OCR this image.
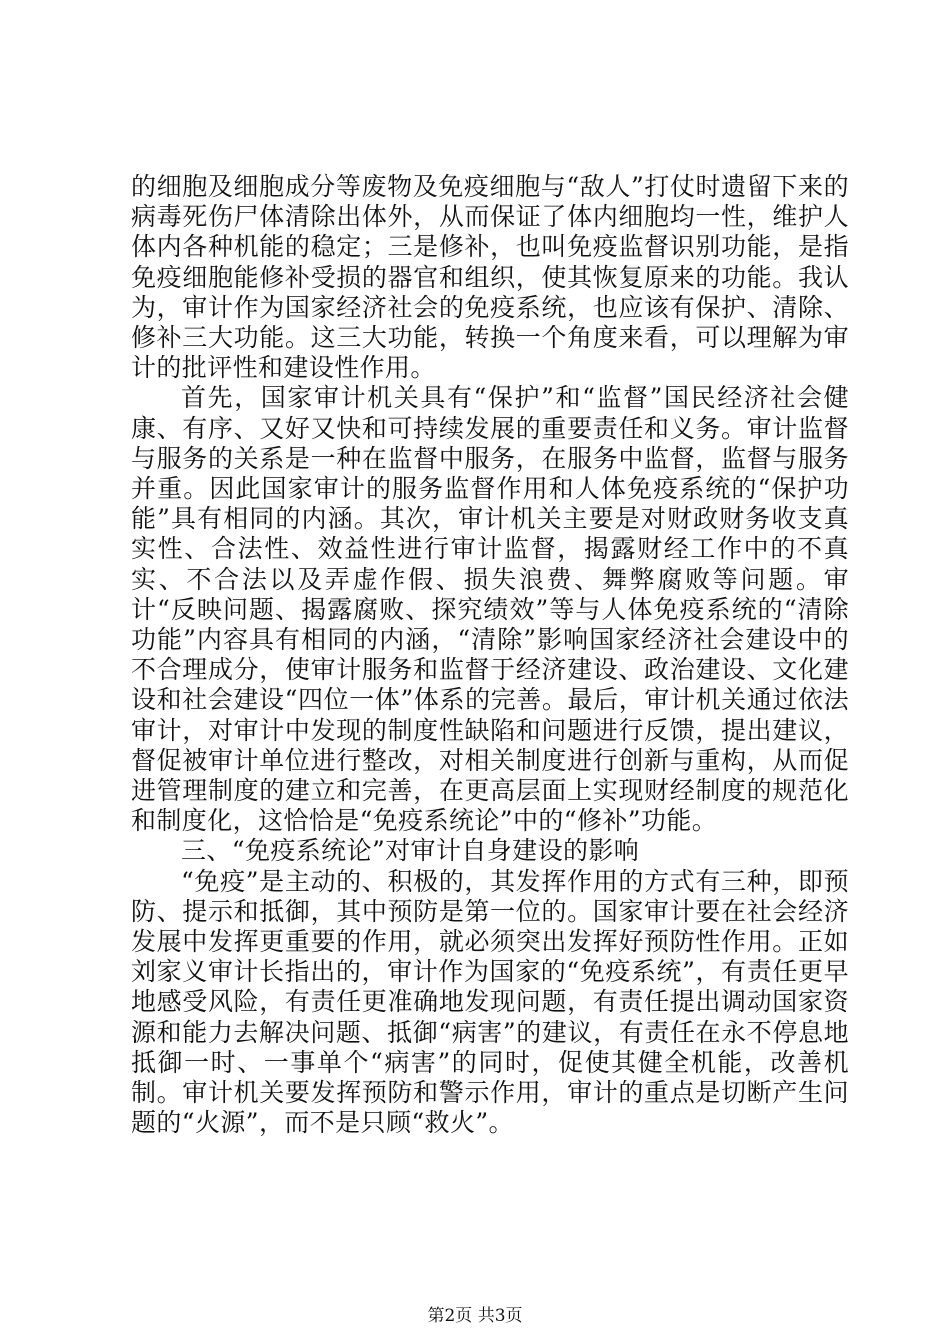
的细胞及细胞成分等废物及免疫细胞与“敌人”打仗时遗留下来的病毒死伤尸体清除出体外，从而保证了体内细胞均一性，维护人体内各种机能的稳定；三是修补，也叫免疫监督识别功能，是指免疫细胞能修补受损的器官和组织，使其恢复原来的功能。我认为，审计作为国家经济社会的免疫系统，也应该有保护、清除、修补三大功能。这三大功能，转换一个角度来看，可以理解为审计的批评性和建设性作用。

首先，国家审计机关具有“保护”和“监督”国民经济社会健康、有序、又好又快和可持续发展的重要责任和义务。审计监督与服务的关系是一种在监督中服务，在服务中监督，监督与服务并重。因此国家审计的服务监督作用和人体免疫系统的“保护功能”具有相同的内涵。其次，审计机关主要是对财政财务收支真实性、合法性、效益性进行审计监督，揭露财经工作中的不真实、不合法以及弄虚作假、损失浪费、舞弊腐败等问题。审计“反映问题、揭露腐败、探究绩效”等与人体免疫系统的“清除功能”内容具有相同的内涵，“清除”影响国家经济社会建设中的不合理成分，使审计服务和监督于经济建设、政治建设、文化建设和社会建设“四位一体”体系的完善。最后，审计机关通过依法审计，对审计中发现的制度性缺陷和问题进行反馈，提出建议，督促被审计单位进行整改，对相关制度进行创新与重构，从而促进管理制度的建立和完善，在更高层面上实现财经制度的规范化和制度化，这恰恰是“免疫系统论”中的“修补”功能。

三、“免疫系统论”对审计自身建设的影响

“免疫”是主动的、积极的，其发挥作用的方式有三种，即预防、提示和抵御，其中预防是第一位的。国家审计要在社会经济发展中发挥更重要的作用，就必须突出发挥好预防性作用。正如刘家义审计长指出的，审计作为国家的“免疫系统”，有责任更早地感受风险，有责任更准确地发现问题，有责任提出调动国家资源和能力去解决问题、抵御“病害”的建议，有责任在永不停息地抵御一时、一事单个“病害”的同时，促使其健全机能，改善机制。审计机关要发挥预防和警示作用，审计的重点是切断产生问题的“火源”，而不是只顾“救火”。

第2页 共3页
